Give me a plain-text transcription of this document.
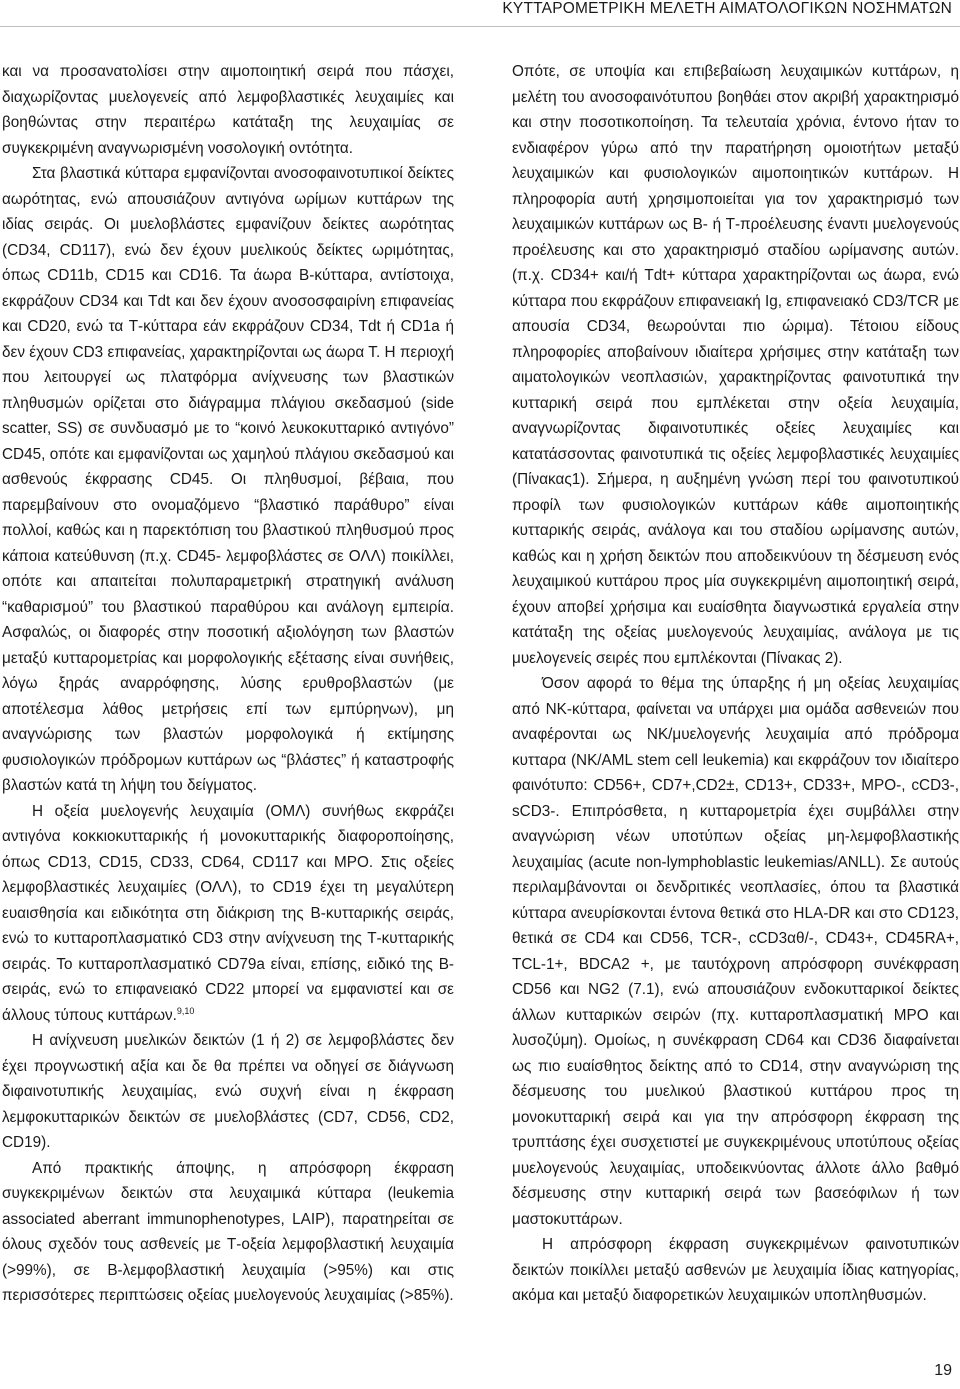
ΚΥΤΤΑΡΟΜΕΤΡΙΚΗ ΜΕΛΕΤΗ ΑΙΜΑΤΟΛΟΓΙΚΩΝ ΝΟΣΗΜΑΤΩΝ

και να προσανατολίσει στην αιμοποιητική σειρά που πάσχει, διαχωρίζοντας μυελογενείς από λεμφοβλαστικές λευχαιμίες και βοηθώντας στην περαιτέρω κατάταξη της λευχαιμίας σε συγκεκριμένη αναγνωρισμένη νοσολογική οντότητα.

Στα βλαστικά κύτταρα εμφανίζονται ανοσοφαινοτυπικοί δείκτες αωρότητας, ενώ απουσιάζουν αντιγόνα ωρίμων κυττάρων της ιδίας σειράς. Οι μυελοβλάστες εμφανίζουν δείκτες αωρότητας (CD34, CD117), ενώ δεν έχουν μυελικούς δείκτες ωριμότητας, όπως CD11b, CD15 και CD16. Τα άωρα Β-κύτταρα, αντίστοιχα, εκφράζουν CD34 και Tdt και δεν έχουν ανοσοσφαιρίνη επιφανείας και CD20, ενώ τα Τ-κύτταρα εάν εκφράζουν CD34, Tdt ή CD1a ή δεν έχουν CD3 επιφανείας, χαρακτηρίζονται ως άωρα Τ. Η περιοχή που λειτουργεί ως πλατφόρμα ανίχνευσης των βλαστικών πληθυσμών ορίζεται στο διάγραμμα πλάγιου σκεδασμού (side scatter, SS) σε συνδυασμό με το “κοινό λευκοκυτταρικό αντιγόνο” CD45, οπότε και εμφανίζονται ως χαμηλού πλάγιου σκεδασμού και ασθενούς έκφρασης CD45. Οι πληθυσμοί, βέβαια, που παρεμβαίνουν στο ονομαζόμενο “βλαστικό παράθυρο” είναι πολλοί, καθώς και η παρεκτόπιση του βλαστικού πληθυσμού προς κάποια κατεύθυνση (π.χ. CD45- λεμφοβλάστες σε ΟΛΛ) ποικίλλει, οπότε και απαιτείται πολυπαραμετρική στρατηγική ανάλυση “καθαρισμού” του βλαστικού παραθύρου και ανάλογη εμπειρία. Ασφαλώς, οι διαφορές στην ποσοτική αξιολόγηση των βλαστών μεταξύ κυτταρομετρίας και μορφολογικής εξέτασης είναι συνήθεις, λόγω ξηράς αναρρόφησης, λύσης ερυθροβλαστών (με αποτέλεσμα λάθος μετρήσεις επί των εμπύρηνων), μη αναγνώρισης των βλαστών μορφολογικά ή εκτίμησης φυσιολογικών πρόδρομων κυττάρων ως “βλάστες” ή καταστροφής βλαστών κατά τη λήψη του δείγματος.

Η οξεία μυελογενής λευχαιμία (ΟΜΛ) συνήθως εκφράζει αντιγόνα κοκκιοκυτταρικής ή μονοκυτταρικής διαφοροποίησης, όπως CD13, CD15, CD33, CD64, CD117 και MPO. Στις οξείες λεμφοβλαστικές λευχαιμίες (ΟΛΛ), το CD19 έχει τη μεγαλύτερη ευαισθησία και ειδικότητα στη διάκριση της Β-κυτταρικής σειράς, ενώ το κυτταροπλασματικό CD3 στην ανίχνευση της Τ-κυτταρικής σειράς. Το κυτταροπλασματικό CD79a είναι, επίσης, ειδικό της Β-σειράς, ενώ το επιφανειακό CD22 μπορεί να εμφανιστεί και σε άλλους τύπους κυττάρων.$^{9,10}$

Η ανίχνευση μυελικών δεικτών (1 ή 2) σε λεμφοβλάστες δεν έχει προγνωστική αξία και δε θα πρέπει να οδηγεί σε διάγνωση διφαινοτυπικής λευχαιμίας, ενώ συχνή είναι η έκφραση λεμφοκυτταρικών δεικτών σε μυελοβλάστες (CD7, CD56, CD2, CD19).

Από πρακτικής άποψης, η απρόσφορη έκφραση συγκεκριμένων δεικτών στα λευχαιμικά κύτταρα (leukemia associated aberrant immunophenotypes, LAIP), παρατηρείται σε όλους σχεδόν τους ασθενείς με Τ-οξεία λεμφοβλαστική λευχαιμία (>99%), σε Β-λεμφοβλαστική λευχαιμία (>95%) και στις περισσότερες περιπτώσεις οξείας μυελογενούς λευχαιμίας (>85%).

Οπότε, σε υποψία και επιβεβαίωση λευχαιμικών κυττάρων, η μελέτη του ανοσοφαινότυπου βοηθάει στον ακριβή χαρακτηρισμό και στην ποσοτικοποίηση. Τα τελευταία χρόνια, έντονο ήταν το ενδιαφέρον γύρω από την παρατήρηση ομοιοτήτων μεταξύ λευχαιμικών και φυσιολογικών αιμοποιητικών κυττάρων. Η πληροφορία αυτή χρησιμοποιείται για τον χαρακτηρισμό των λευχαιμικών κυττάρων ως Β- ή Τ-προέλευσης έναντι μυελογενούς προέλευσης και στο χαρακτηρισμό σταδίου ωρίμανσης αυτών. (π.χ. CD34+ και/ή Tdt+ κύτταρα χαρακτηρίζονται ως άωρα, ενώ κύτταρα που εκφράζουν επιφανειακή Ig, επιφανειακό CD3/TCR με απουσία CD34, θεωρούνται πιο ώριμα). Τέτοιου είδους πληροφορίες αποβαίνουν ιδιαίτερα χρήσιμες στην κατάταξη των αιματολογικών νεοπλασιών, χαρακτηρίζοντας φαινοτυπικά την κυτταρική σειρά που εμπλέκεται στην οξεία λευχαιμία, αναγνωρίζοντας διφαινοτυπικές οξείες λευχαιμίες και κατατάσσοντας φαινοτυπικά τις οξείες λεμφοβλαστικές λευχαιμίες (Πίνακας1). Σήμερα, η αυξημένη γνώση περί του φαινοτυπικού προφίλ των φυσιολογικών κυττάρων κάθε αιμοποιητικής κυτταρικής σειράς, ανάλογα και του σταδίου ωρίμανσης αυτών, καθώς και η χρήση δεικτών που αποδεικνύουν τη δέσμευση ενός λευχαιμικού κυττάρου προς μία συγκεκριμένη αιμοποιητική σειρά, έχουν αποβεί χρήσιμα και ευαίσθητα διαγνωστικά εργαλεία στην κατάταξη της οξείας μυελογενούς λευχαιμίας, ανάλογα με τις μυελογενείς σειρές που εμπλέκονται (Πίνακας 2).

Όσον αφορά το θέμα της ύπαρξης ή μη οξείας λευχαιμίας από NK-κύτταρα, φαίνεται να υπάρχει μια ομάδα ασθενειών που αναφέρονται ως NK/μυελογενής λευχαιμία από πρόδρομα κυτταρα (NK/AML stem cell leukemia) και εκφράζουν τον ιδιαίτερο φαινότυπο: CD56+, CD7+,CD2±, CD13+, CD33+, MPO-, cCD3-, sCD3-. Επιπρόσθετα, η κυτταρομετρία έχει συμβάλλει στην αναγνώριση νέων υποτύπων οξείας μη-λεμφοβλαστικής λευχαιμίας (acute non-lymphoblastic leukemias/ANLL). Σε αυτούς περιλαμβάνονται οι δενδριτικές νεοπλασίες, όπου τα βλαστικά κύτταρα ανευρίσκονται έντονα θετικά στο HLA-DR και στο CD123, θετικά σε CD4 και CD56, TCR-, cCD3αθ/-, CD43+, CD45RA+, TCL-1+, BDCA2 +, με ταυτόχρονη απρόσφορη συνέκφραση CD56 και NG2 (7.1), ενώ απουσιάζουν ενδοκυτταρικοί δείκτες άλλων κυτταρικών σειρών (πχ. κυτταροπλασματική MPO και λυσοζύμη). Ομοίως, η συνέκφραση CD64 και CD36 διαφαίνεται ως πιο ευαίσθητος δείκτης από το CD14, στην αναγνώριση της δέσμευσης του μυελικού βλαστικού κυττάρου προς τη μονοκυτταρική σειρά και για την απρόσφορη έκφραση της τρυπτάσης έχει συσχετιστεί με συγκεκριμένους υποτύπους οξείας μυελογενούς λευχαιμίας, υποδεικνύοντας άλλοτε άλλο βαθμό δέσμευσης στην κυτταρική σειρά των βασεόφιλων ή των μαστοκυττάρων.

Η απρόσφορη έκφραση συγκεκριμένων φαινοτυπικών δεικτών ποικίλλει μεταξύ ασθενών με λευχαιμία ίδιας κατηγορίας, ακόμα και μεταξύ διαφορετικών λευχαιμικών υποπληθυσμών.

19
